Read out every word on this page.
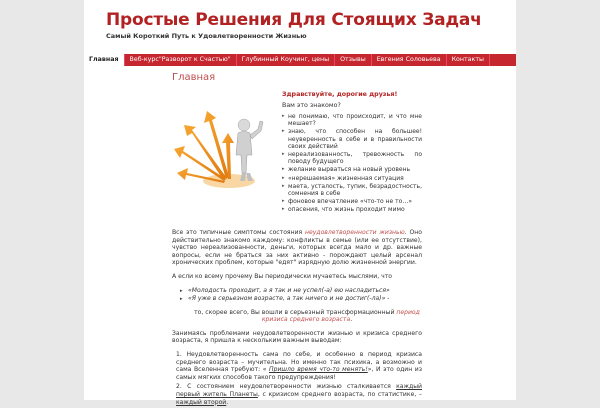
Простые Решения Для Стоящих Задач
Самый Короткий Путь к Удовлетворенности Жизнью
Главная	Веб-курс"Разворот к Счастью"	Глубинный Коучинг, цены	Отзывы	Евгения Соловьева	Контакты
Главная
Здравствуйте, дорогие друзья!
Вам это знакомо?
▸ не понимаю, что происходит, и что мне мешает?
▸ знаю, что способен на большее! неуверенность в себе и в правильности своих действий
▸ нереализованность, тревожность по поводу будущего
▸ желание вырваться на новый уровень
▸ «нерешаемая» жизненная ситуация
▸ маета, усталость, тупик, безрадостность, сомнения в себе
▸ фоновое впечатление «что-то не то…»
▸ опасения, что жизнь проходит мимо

Все это типичные симптомы состояния неудовлетворенности жизнью. Оно действительно знакомо каждому: конфликты в семье (или ее отсутствие), чувство нереализованности, деньги, которых всегда мало и др. важные вопросы, если не браться за них активно - порождают целый арсенал хронических проблем, которые "едят" изрядную долю жизненной энергии.

А если ко всему прочему Вы периодически мучаетесь мыслями, что

▸ «Молодость проходит, а я так и не успел(-а) ею насладиться»
▸ «Я уже в серьезном возрасте, а так ничего и не достиг(-ла)» -

то, скорее всего, Вы вошли в серьезный трансформационный период кризиса среднего возраста.

Занимаясь проблемами неудовлетворенности жизнью и кризиса среднего возраста, я пришла к нескольким важным выводам:

1. Неудовлетворенность сама по себе, и особенно в период кризиса среднего возраста – мучительна. Но именно так психика, а возможно и сама Вселенная требуют: « Пришло время что-то менять!», И это один из самых мягких способов такого предупреждения!

2. С состоянием неудовлетворенности жизнью сталкивается каждый первый житель Планеты, с кризисом среднего возраста, по статистике, – каждый второй.
